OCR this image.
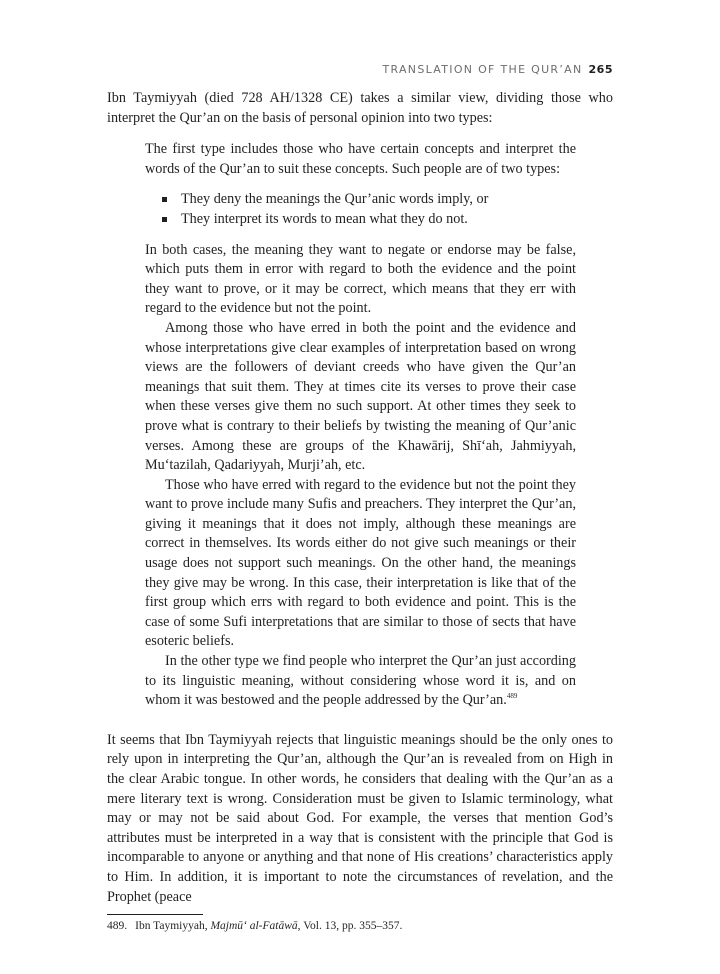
TRANSLATION OF THE QUR’AN 265

Ibn Taymiyyah (died 728 AH/1328 CE) takes a similar view, dividing those who interpret the Qur’an on the basis of personal opinion into two types:

The first type includes those who have certain concepts and interpret the words of the Qur’an to suit these concepts. Such people are of two types:

They deny the meanings the Qur’anic words imply, or
They interpret its words to mean what they do not.

In both cases, the meaning they want to negate or endorse may be false, which puts them in error with regard to both the evidence and the point they want to prove, or it may be correct, which means that they err with regard to the evidence but not the point.

Among those who have erred in both the point and the evidence and whose interpretations give clear examples of interpretation based on wrong views are the followers of deviant creeds who have given the Qur’an meanings that suit them. They at times cite its verses to prove their case when these verses give them no such support. At other times they seek to prove what is contrary to their beliefs by twisting the meaning of Qur’anic verses. Among these are groups of the Khawārij, Shī‘ah, Jahmiyyah, Mu‘tazilah, Qadariyyah, Murji’ah, etc.

Those who have erred with regard to the evidence but not the point they want to prove include many Sufis and preachers. They interpret the Qur’an, giving it meanings that it does not imply, although these meanings are correct in themselves. Its words either do not give such meanings or their usage does not support such meanings. On the other hand, the meanings they give may be wrong. In this case, their interpretation is like that of the first group which errs with regard to both evidence and point. This is the case of some Sufi interpretations that are similar to those of sects that have esoteric beliefs.

In the other type we find people who interpret the Qur’an just according to its linguistic meaning, without considering whose word it is, and on whom it was bestowed and the people addressed by the Qur’an.$^{489}$

It seems that Ibn Taymiyyah rejects that linguistic meanings should be the only ones to rely upon in interpreting the Qur’an, although the Qur’an is revealed from on High in the clear Arabic tongue. In other words, he considers that dealing with the Qur’an as a mere literary text is wrong. Consideration must be given to Islamic terminology, what may or may not be said about God. For example, the verses that mention God’s attributes must be interpreted in a way that is consistent with the principle that God is incomparable to anyone or anything and that none of His creations’ characteristics apply to Him. In addition, it is important to note the circumstances of revelation, and the Prophet (peace

489. Ibn Taymiyyah, Majmū‘ al-Fatāwā, Vol. 13, pp. 355–357.
